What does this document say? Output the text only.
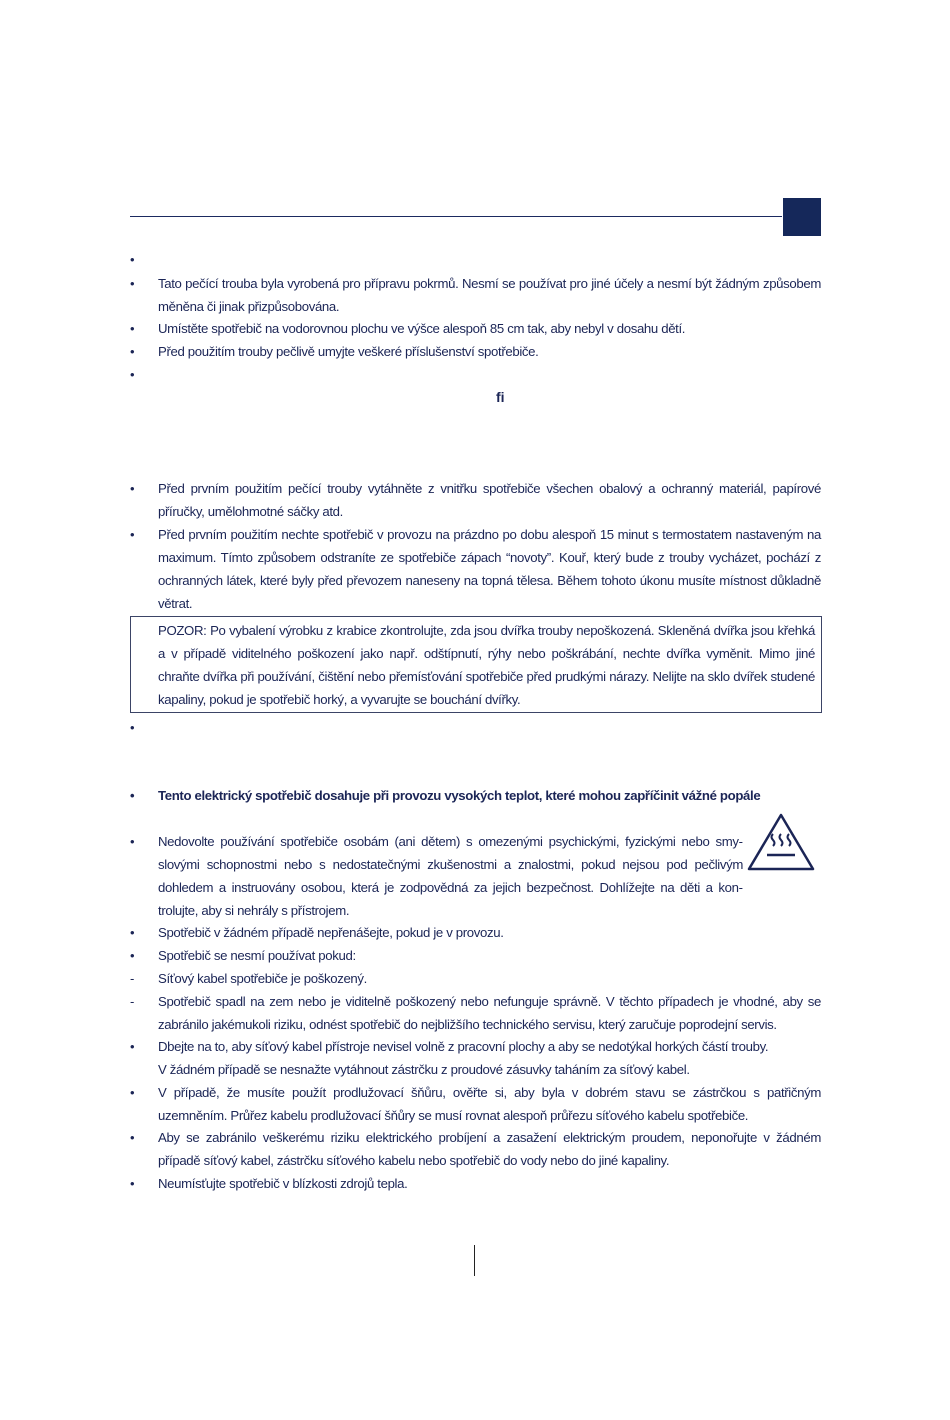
•
• Tato pečící trouba byla vyrobená pro přípravu pokrmů. Nesmí se používat pro jiné účely a nesmí být žádným způsobem měněna či jinak přizpůsobována.
• Umístěte spotřebič na vodorovnou plochu ve výšce alespoň 85 cm tak, aby nebyl v dosahu dětí.
• Před použitím trouby pečlivě umyjte veškeré příslušenství spotřebiče.
•
fi
• Před prvním použitím pečící trouby vytáhněte z vnitřku spotřebiče všechen obalový a ochranný materiál, papírové příručky, umělohmotné sáčky atd.
• Před prvním použitím nechte spotřebič v provozu na prázdno po dobu alespoň 15 minut s termostatem nastaveným na maximum. Tímto způsobem odstraníte ze spotřebiče zápach “novoty”. Kouř, který bude z trouby vycházet, pochází z ochranných látek, které byly před převozem naneseny na topná tělesa. Během tohoto úkonu musíte místnost důkladně větrat.
POZOR: Po vybalení výrobku z krabice zkontrolujte, zda jsou dvířka trouby nepoškozená. Skleněná dvířka jsou křehká a v případě viditelného poškození jako např. odštípnutí, rýhy nebo poškrábání, nechte dvířka vyměnit. Mimo jiné chraňte dvířka při používání, čištění nebo přemísťování spotřebiče před prudkými nárazy. Nelijte na sklo dvířek studené kapaliny, pokud je spotřebič horký, a vyvarujte se bouchání dvířky.
•
• Tento elektrický spotřebič dosahuje při provozu vysokých teplot, které mohou zapříčinit vážné popále
• Nedovolte používání spotřebiče osobám (ani dětem) s omezenými psychickými, fyzickými nebo smyslovými schopnostmi nebo s nedostatečnými zkušenostmi a znalostmi, pokud nejsou pod pečlivým dohledem a instruovány osobou, která je zodpovědná za jejich bezpečnost. Dohlížejte na děti a kontrolujte, aby si nehrály s přístrojem.
• Spotřebič v žádném případě nepřenášejte, pokud je v provozu.
• Spotřebič se nesmí používat pokud:
- Síťový kabel spotřebiče je poškozený.
- Spotřebič spadl na zem nebo je viditelně poškozený nebo nefunguje správně. V těchto případech je vhodné, aby se zabránilo jakémukoli riziku, odnést spotřebič do nejbližšího technického servisu, který zaručuje poprodejní servis.
• Dbejte na to, aby síťový kabel přístroje nevisel volně z pracovní plochy a aby se nedotýkal horkých částí trouby.
V žádném případě se nesnažte vytáhnout zástrčku z proudové zásuvky taháním za síťový kabel.
• V případě, že musíte použít prodlužovací šňůru, ověřte si, aby byla v dobrém stavu se zástrčkou s patřičným uzemněním. Průřez kabelu prodlužovací šňůry se musí rovnat alespoň průřezu síťového kabelu spotřebiče.
• Aby se zabránilo veškerému riziku elektrického probíjení a zasažení elektrickým proudem, neponořujte v žádném případě síťový kabel, zástrčku síťového kabelu nebo spotřebič do vody nebo do jiné kapaliny.
• Neumísťujte spotřebič v blízkosti zdrojů tepla.
